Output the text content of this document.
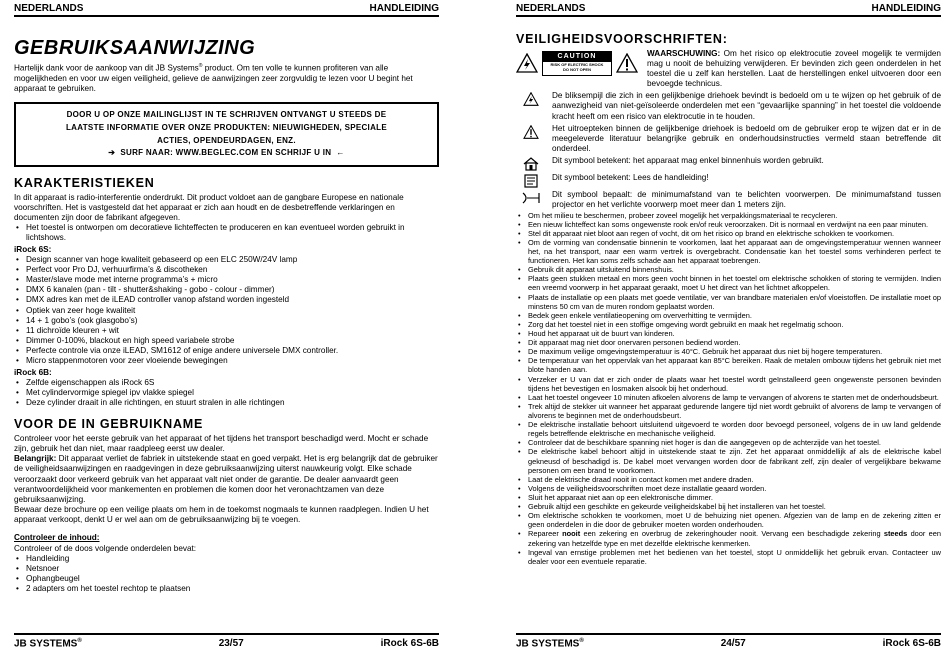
NEDERLANDS	HANDLEIDING
GEBRUIKSAANWIJZING

Hartelijk dank voor de aankoop van dit JB Systems® product. Om ten volle te kunnen profiteren van alle mogelijkheden en voor uw eigen veiligheid, gelieve de aanwijzingen zeer zorgvuldig te lezen voor U begint het apparaat te gebruiken.

DOOR U OP ONZE MAILINGLIJST IN TE SCHRIJVEN ONTVANGT U STEEDS DE
LAATSTE INFORMATIE OVER ONZE PRODUKTEN: NIEUWIGHEDEN, SPECIALE
ACTIES, OPENDEURDAGEN, ENZ.
➔ SURF NAAR: WWW.BEGLEC.COM EN SCHRIJF U IN ←
KARAKTERISTIEKEN

In dit apparaat is radio-interferentie onderdrukt. Dit product voldoet aan de gangbare Europese en nationale voorschriften. Het is vastgesteld dat het apparaat er zich aan houdt en de desbetreffende verklaringen en documenten zijn door de fabrikant afgegeven.

• Het toestel is ontworpen om decoratieve lichteffecten te produceren en kan eventueel worden gebruikt in lichtshows.
iRock 6S:
• Design scanner van hoge kwaliteit gebaseerd op een ELC 250W/24V lamp
• Perfect voor Pro DJ, verhuurfirma’s & discotheken
• Master/slave mode met interne programma’s + micro
• DMX 6 kanalen (pan - tilt - shutter&shaking - gobo - colour - dimmer)
• DMX adres kan met de iLEAD controller vanop afstand worden ingesteld
• Optiek van zeer hoge kwaliteit
• 14 + 1 gobo’s (ook glasgobo’s)
• 11 dichroïde kleuren + wit
• Dimmer 0-100%, blackout en high speed variabele strobe
• Perfecte controle via onze iLEAD, SM1612 of enige andere universele DMX controller.
• Micro stappenmotoren voor zeer vloeiende bewegingen
iRock 6B:
• Zelfde eigenschappen als iRock 6S
• Met cylindervormige spiegel ipv vlakke spiegel
• Deze cylinder draait in alle richtingen, en stuurt stralen in alle richtingen
VOOR DE IN GEBRUIKNAME

Controleer voor het eerste gebruik van het apparaat of het tijdens het transport beschadigd werd. Mocht er schade zijn, gebruik het dan niet, maar raadpleeg eerst uw dealer.

Belangrijk: Dit apparaat verliet de fabriek in uitstekende staat en goed verpakt. Het is erg belangrijk dat de gebruiker de veiligheidsaanwijzingen en raadgevingen in deze gebruiksaanwijzing uiterst nauwkeurig volgt. Elke schade veroorzaakt door verkeerd gebruik van het apparaat valt niet onder de garantie. De dealer aanvaardt geen verantwoordelijkheid voor mankementen en problemen die komen door het veronachtzamen van deze gebruiksaanwijzing.

Bewaar deze brochure op een veilige plaats om hem in de toekomst nogmaals te kunnen raadplegen. Indien U het apparaat verkoopt, denkt U er wel aan om de gebruiksaanwijzing bij te voegen.

Controleer de inhoud:

Controleer of de doos volgende onderdelen bevat:

• Handleiding
• Netsnoer
• Ophangbeugel
• 2 adapters om het toestel rechtop te plaatsen
JB SYSTEMS®	23/57	iRock 6S-6B
NEDERLANDS	HANDLEIDING
VEILIGHEIDSVOORSCHRIFTEN:
CAUTION
RISK OF ELECTRIC SHOCK
DO NOT OPEN

WAARSCHUWING: Om het risico op elektrocutie zoveel mogelijk te vermijden mag u nooit de behuizing verwijderen. Er bevinden zich geen onderdelen in het toestel die u zelf kan herstellen. Laat de herstellingen enkel uitvoeren door een bevoegde technicus.

De bliksempijl die zich in een gelijkbenige driehoek bevindt is bedoeld om u te wijzen op het gebruik of de aanwezigheid van niet-geïsoleerde onderdelen met een “gevaarlijke spanning” in het toestel die voldoende kracht heeft om een risico van elektrocutie in te houden.

Het uitroepteken binnen de gelijkbenige driehoek is bedoeld om de gebruiker erop te wijzen dat er in de meegeleverde literatuur belangrijke gebruik en onderhoudsinstructies vermeld staan betreffende dit onderdeel.

Dit symbool betekent: het apparaat mag enkel binnenhuis worden gebruikt.

Dit symbool betekent: Lees de handleiding!

Dit symbool bepaalt: de minimumafstand van te belichten voorwerpen. De minimumafstand tussen projector en het verlichte voorwerp moet meer dan 1 meters zijn.

• Om het milieu te beschermen, probeer zoveel mogelijk het verpakkingsmateriaal te recycleren.
• Een nieuw lichteffect kan soms ongewenste rook en/of reuk veroorzaken. Dit is normaal en verdwijnt na een paar minuten.
• Stel dit apparaat niet bloot aan regen of vocht, dit om het risico op brand en elektrische schokken te voorkomen.
• Om de vorming van condensatie binnenin te voorkomen, laat het apparaat aan de omgevingstemperatuur wennen wanneer het, na het transport, naar een warm vertrek is overgebracht. Condensatie kan het toestel soms verhinderen perfect te functioneren. Het kan soms zelfs schade aan het apparaat toebrengen.
• Gebruik dit apparaat uitsluitend binnenshuis.
• Plaats geen stukken metaal en mors geen vocht binnen in het toestel om elektrische schokken of storing te vermijden. Indien een vreemd voorwerp in het apparaat geraakt, moet U het direct van het lichtnet afkoppelen.
• Plaats de installatie op een plaats met goede ventilatie, ver van brandbare materialen en/of vloeistoffen. De installatie moet op minstens 50 cm van de muren rondom geplaatst worden.
• Bedek geen enkele ventilatieopening om oververhitting te vermijden.
• Zorg dat het toestel niet in een stoffige omgeving wordt gebruikt en maak het regelmatig schoon.
• Houd het apparaat uit de buurt van kinderen.
• Dit apparaat mag niet door onervaren personen bediend worden.
• De maximum veilige omgevingstemperatuur is 40°C. Gebruik het apparaat dus niet bij hogere temperaturen.
• De temperatuur van het oppervlak van het apparaat kan 85°C bereiken. Raak de metalen ombouw tijdens het gebruik niet met blote handen aan.
• Verzeker er U van dat er zich onder de plaats waar het toestel wordt geïnstalleerd geen ongewenste personen bevinden tijdens het bevestigen en losmaken alsook bij het onderhoud.
• Laat het toestel ongeveer 10 minuten afkoelen alvorens de lamp te vervangen of alvorens te starten met de onderhoudsbeurt.
• Trek altijd de stekker uit wanneer het apparaat gedurende langere tijd niet wordt gebruikt of alvorens de lamp te vervangen of alvorens te beginnen met de onderhoudsbeurt.
• De elektrische installatie behoort uitsluitend uitgevoerd te worden door bevoegd personeel, volgens de in uw land geldende regels betreffende elektrische en mechanische veiligheid.
• Controleer dat de beschikbare spanning niet hoger is dan die aangegeven op de achterzijde van het toestel.
• De elektrische kabel behoort altijd in uitstekende staat te zijn. Zet het apparaat onmiddellijk af als de elektrische kabel gekneusd of beschadigd is. De kabel moet vervangen worden door de fabrikant zelf, zijn dealer of vergelijkbare bekwame personen om een brand te voorkomen.
• Laat de elektrische draad nooit in contact komen met andere draden.
• Volgens de veiligheidsvoorschriften moet deze installatie geaard worden.
• Sluit het apparaat niet aan op een elektronische dimmer.
• Gebruik altijd een geschikte en gekeurde veiligheidskabel bij het installeren van het toestel.
• Om elektrische schokken te voorkomen, moet U de behuizing niet openen. Afgezien van de lamp en de zekering zitten er geen onderdelen in die door de gebruiker moeten worden onderhouden.
• Repareer nooit een zekering en overbrug de zekeringhouder nooit. Vervang een beschadigde zekering steeds door een zekering van hetzelfde type en met dezelfde elektrische kenmerken.
• Ingeval van ernstige problemen met het bedienen van het toestel, stopt U onmiddellijk het gebruik ervan. Contacteer uw dealer voor een eventuele reparatie.
JB SYSTEMS®	24/57	iRock 6S-6B
